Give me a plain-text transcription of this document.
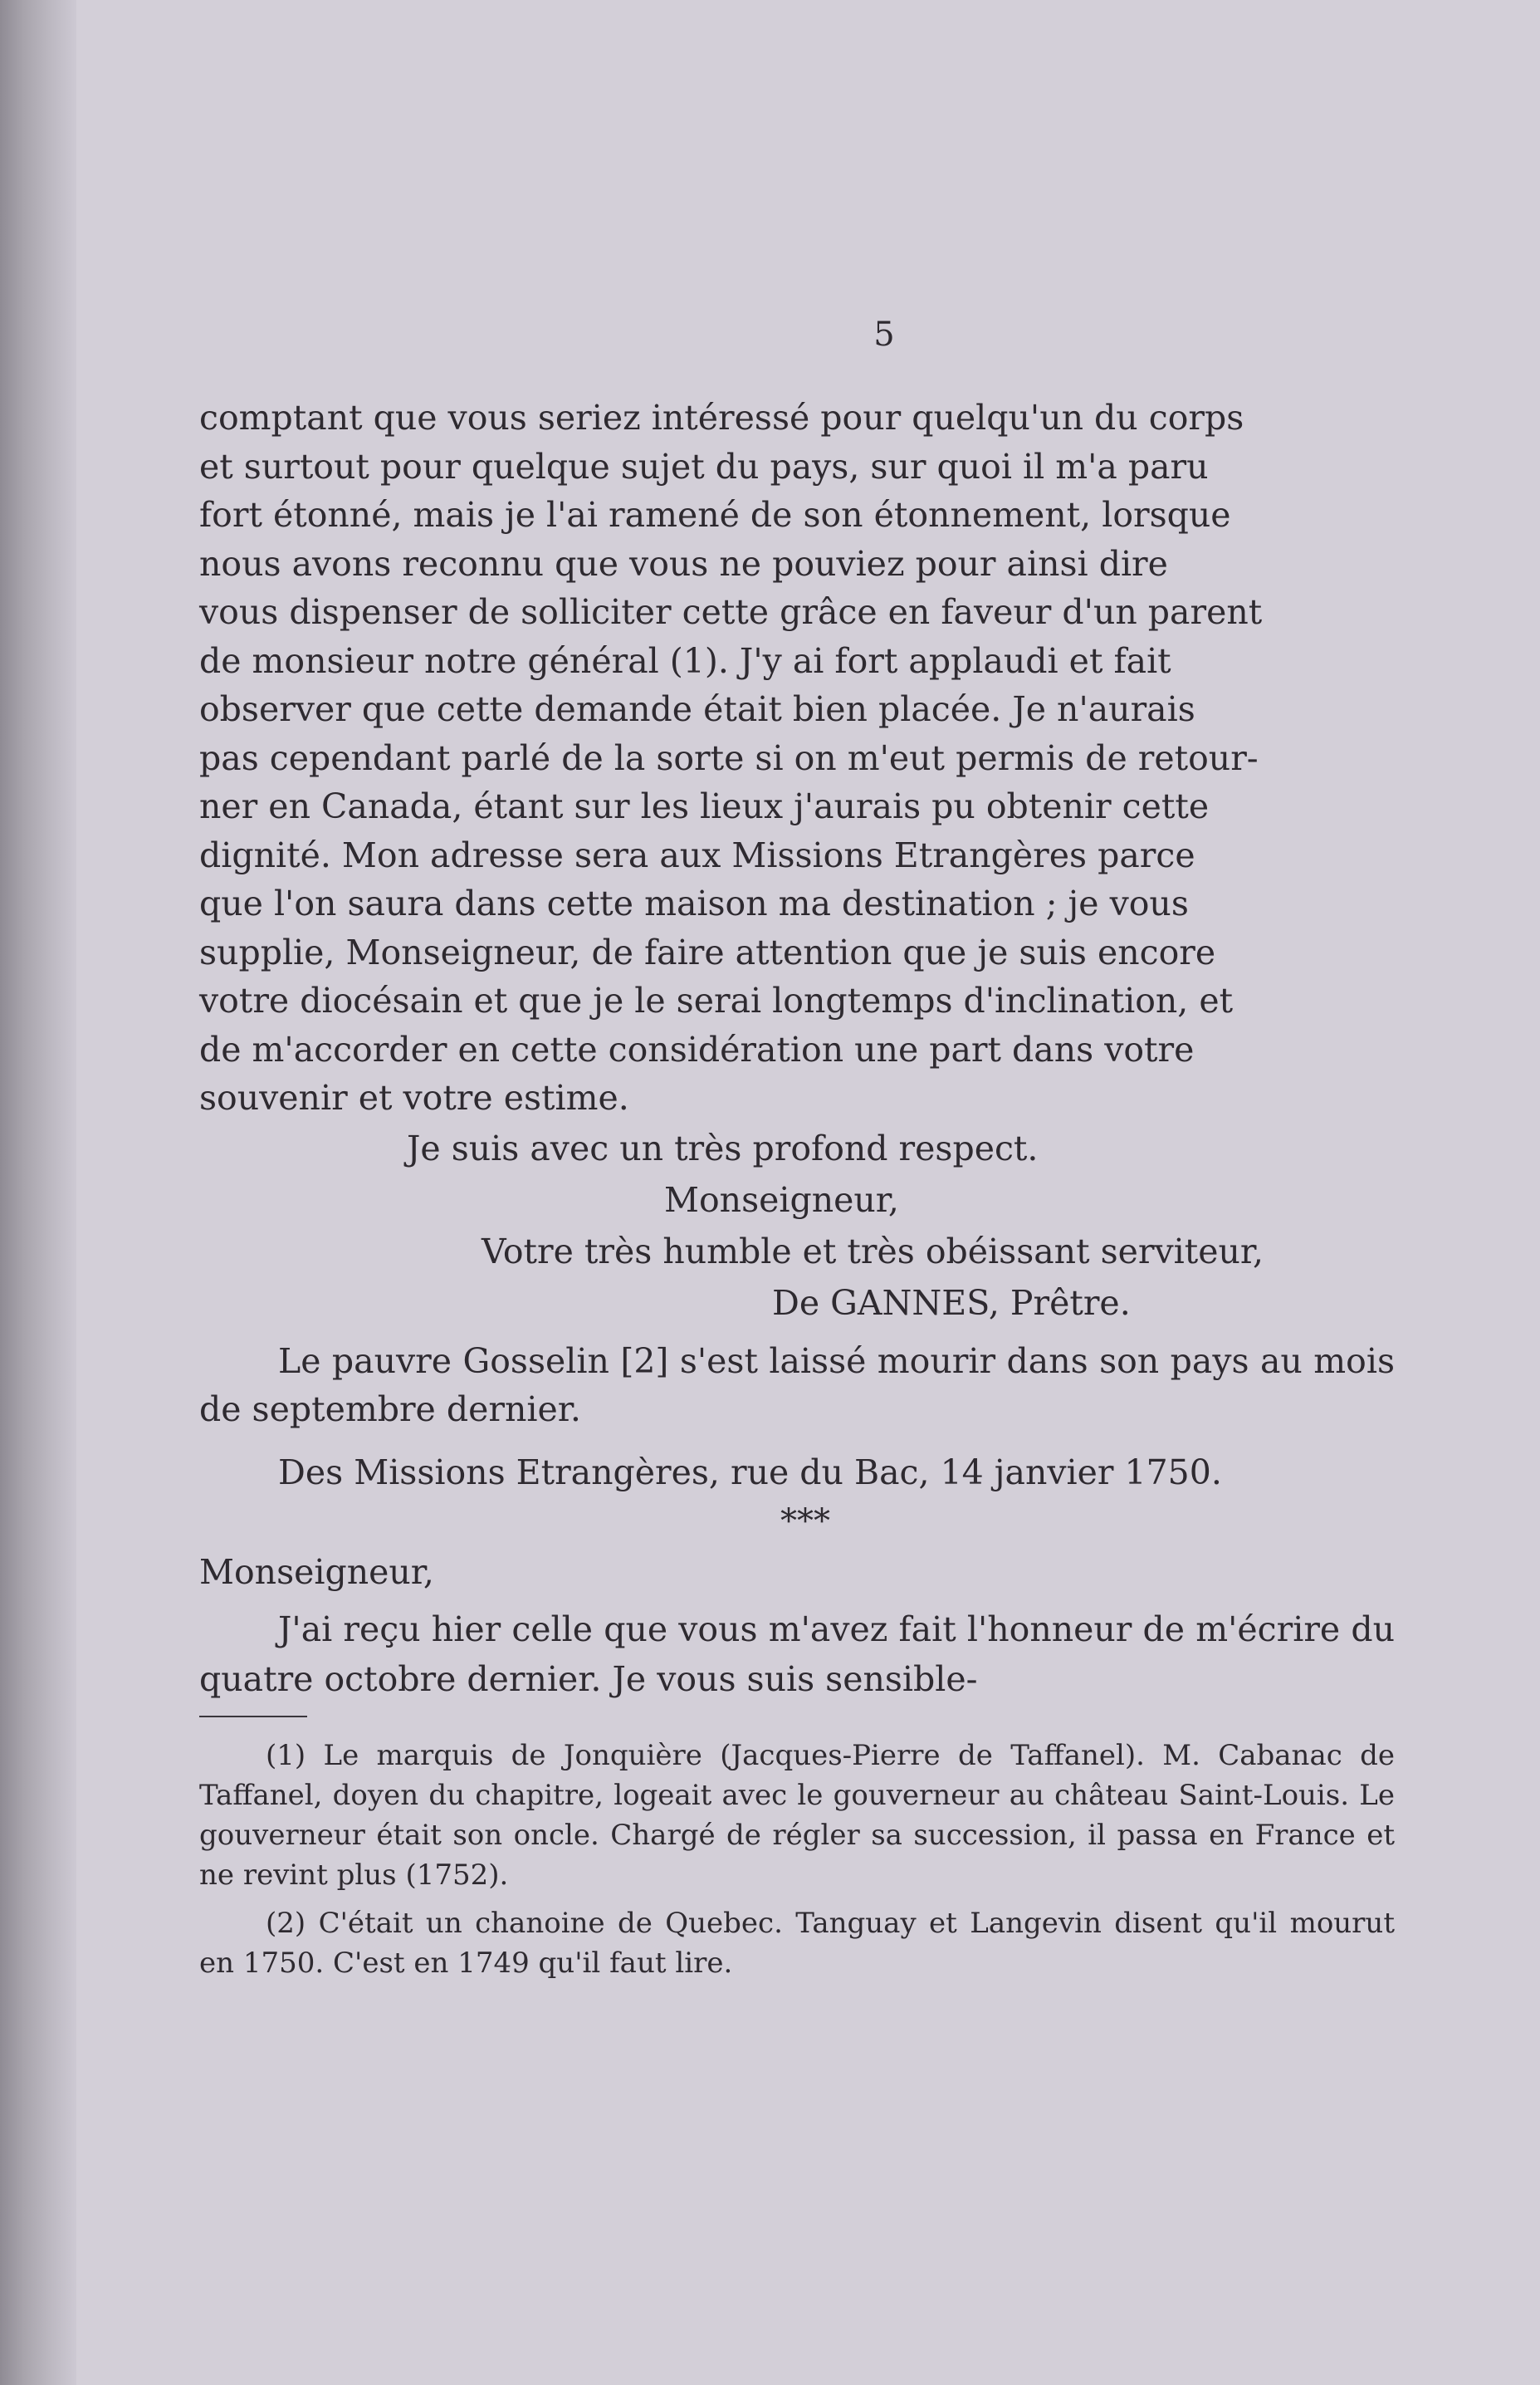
5
comptant que vous seriez intéressé pour quelqu'un du corps
et surtout pour quelque sujet du pays, sur quoi il m'a paru
fort étonné, mais je l'ai ramené de son étonnement, lorsque
nous avons reconnu que vous ne pouviez pour ainsi dire
vous dispenser de solliciter cette grâce en faveur d'un parent
de monsieur notre général (1). J'y ai fort applaudi et fait
observer que cette demande était bien placée. Je n'aurais
pas cependant parlé de la sorte si on m'eut permis de retour-
ner en Canada, étant sur les lieux j'aurais pu obtenir cette
dignité. Mon adresse sera aux Missions Etrangères parce
que l'on saura dans cette maison ma destination ; je vous
supplie, Monseigneur, de faire attention que je suis encore
votre diocésain et que je le serai longtemps d'inclination, et
de m'accorder en cette considération une part dans votre
souvenir et votre estime.
Je suis avec un très profond respect.
Monseigneur,
Votre très humble et très obéissant serviteur,
De GANNES, Prêtre.
Le pauvre Gosselin [2] s'est laissé mourir dans son pays au mois de septembre dernier.
Des Missions Etrangères, rue du Bac, 14 janvier 1750.
***
Monseigneur,
J'ai reçu hier celle que vous m'avez fait l'honneur de m'écrire du quatre octobre dernier. Je vous suis sensible-
(1) Le marquis de Jonquière (Jacques-Pierre de Taffanel). M. Cabanac de Taffanel, doyen du chapitre, logeait avec le gouverneur au château Saint-Louis. Le gouverneur était son oncle. Chargé de régler sa succession, il passa en France et ne revint plus (1752).
(2) C'était un chanoine de Quebec. Tanguay et Langevin disent qu'il mourut en 1750. C'est en 1749 qu'il faut lire.
